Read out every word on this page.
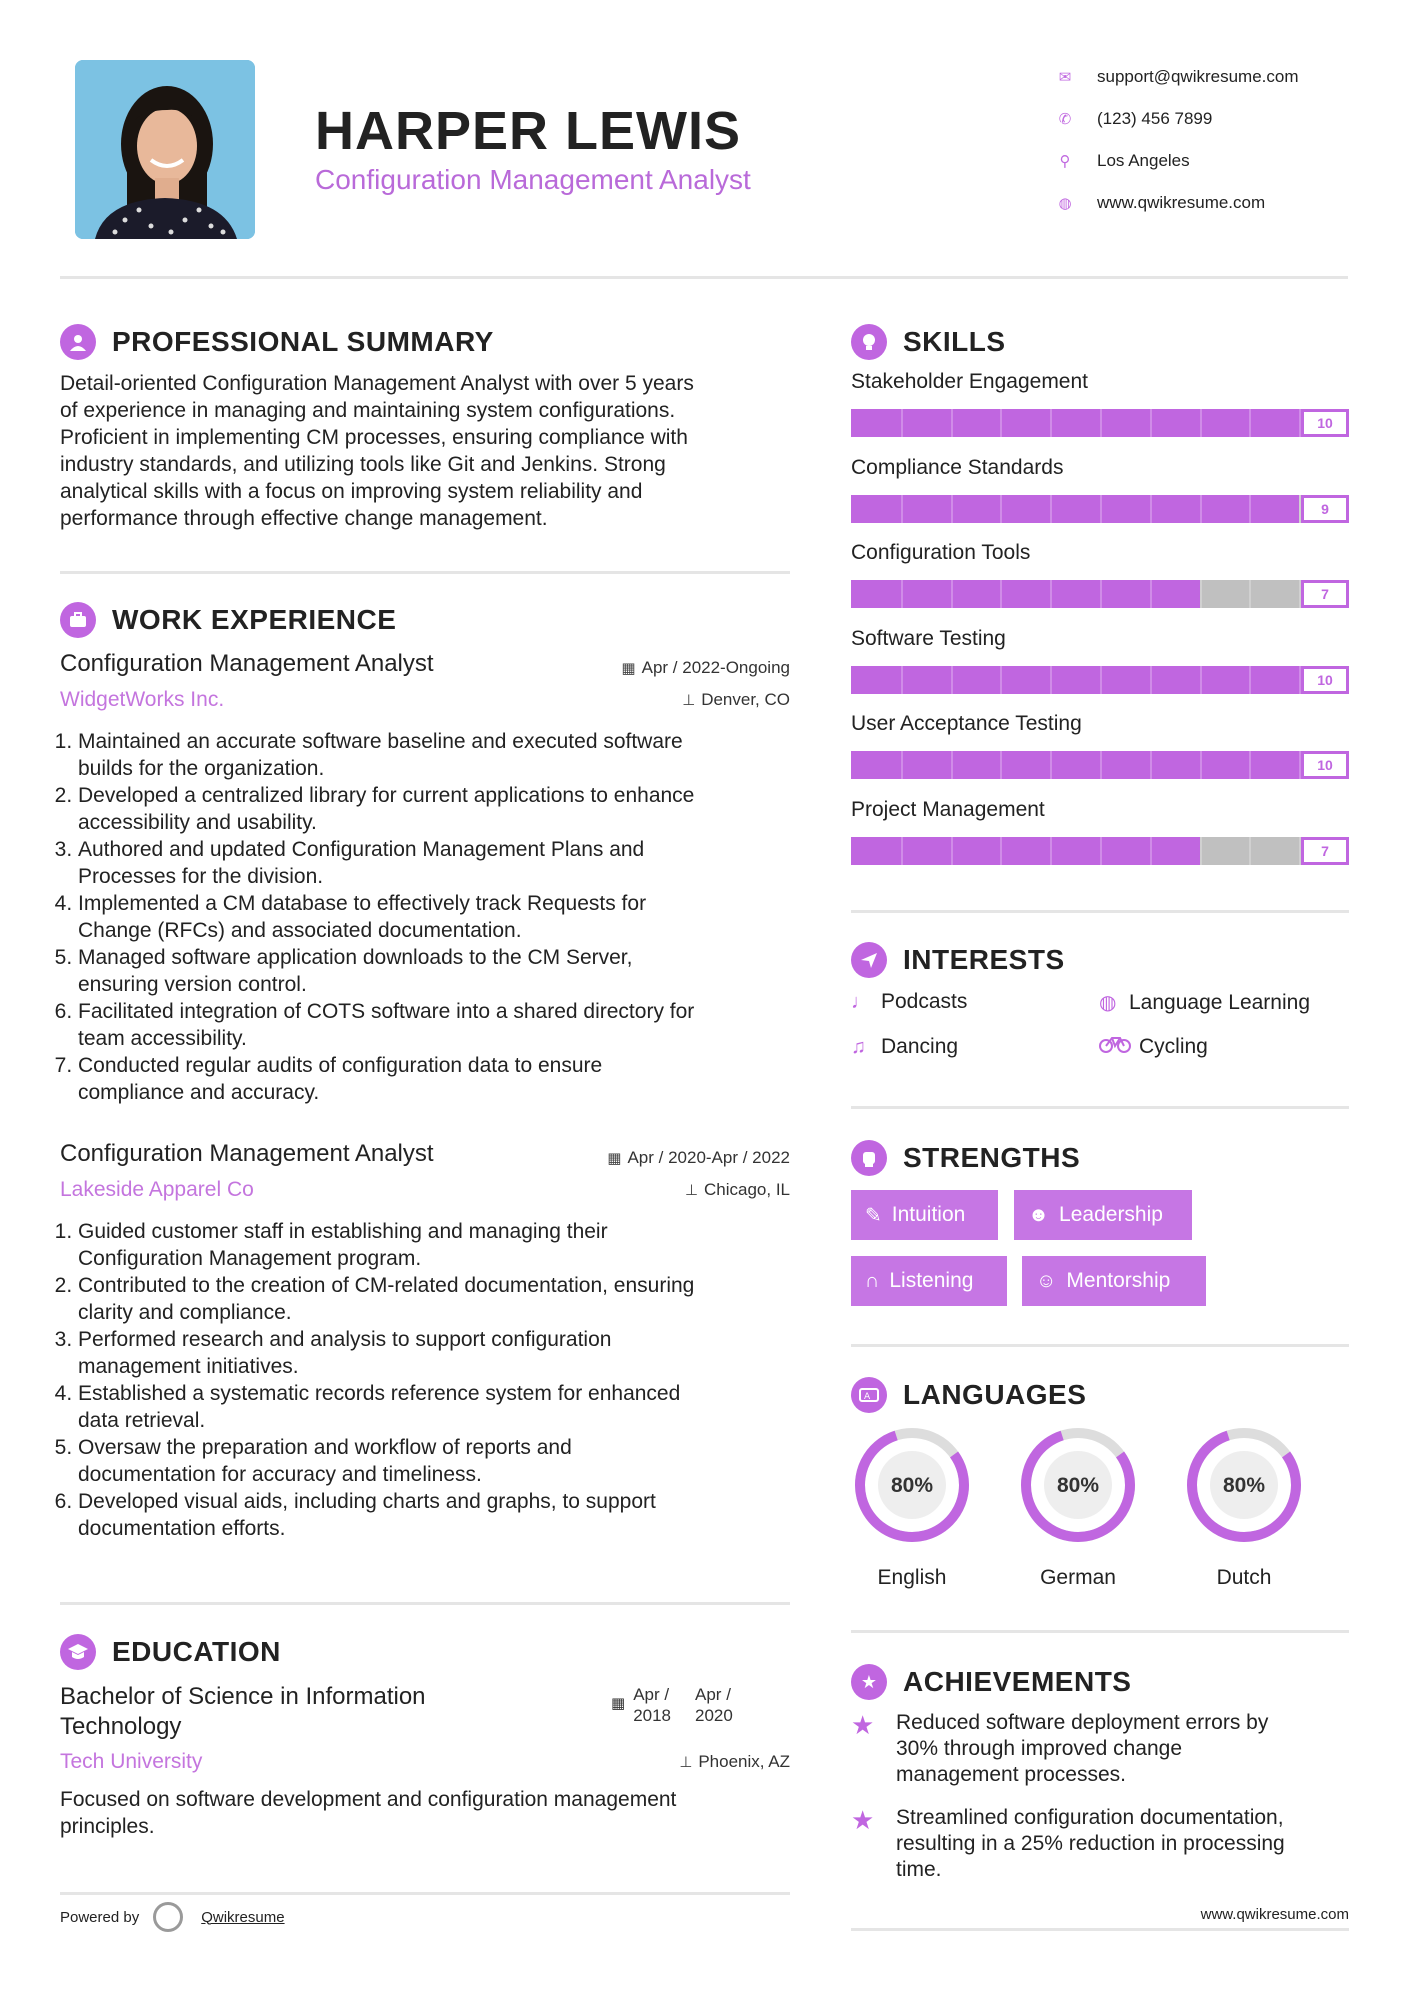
HARPER LEWIS
Configuration Management Analyst
✉	support@qwikresume.com
✆	(123) 456 7899
⚲	Los Angeles
◍	www.qwikresume.com
PROFESSIONAL SUMMARY
Detail-oriented Configuration Management Analyst with over 5 years
of experience in managing and maintaining system configurations.
Proficient in implementing CM processes, ensuring compliance with
industry standards, and utilizing tools like Git and Jenkins. Strong
analytical skills with a focus on improving system reliability and
performance through effective change management.
WORK EXPERIENCE
Configuration Management Analyst
WidgetWorks Inc.
▦ Apr / 2022-Ongoing
⊥ Denver, CO
1. Maintained an accurate software baseline and executed software
builds for the organization.
2. Developed a centralized library for current applications to enhance
accessibility and usability.
3. Authored and updated Configuration Management Plans and
Processes for the division.
4. Implemented a CM database to effectively track Requests for
Change (RFCs) and associated documentation.
5. Managed software application downloads to the CM Server,
ensuring version control.
6. Facilitated integration of COTS software into a shared directory for
team accessibility.
7. Conducted regular audits of configuration data to ensure
compliance and accuracy.
Configuration Management Analyst
Lakeside Apparel Co
▦ Apr / 2020-Apr / 2022
⊥ Chicago, IL
1. Guided customer staff in establishing and managing their
Configuration Management program.
2. Contributed to the creation of CM-related documentation, ensuring
clarity and compliance.
3. Performed research and analysis to support configuration
management initiatives.
4. Established a systematic records reference system for enhanced
data retrieval.
5. Oversaw the preparation and workflow of reports and
documentation for accuracy and timeliness.
6. Developed visual aids, including charts and graphs, to support
documentation efforts.
EDUCATION
Bachelor of Science in Information
Technology
Tech University
▦ Apr /
2018
Apr /
2020
⊥ Phoenix, AZ
Focused on software development and configuration management
principles.
Powered by	Qwikresume
SKILLS
Stakeholder Engagement
10
Compliance Standards
9
Configuration Tools
7
Software Testing
10
User Acceptance Testing
10
Project Management
7
INTERESTS
♩ Podcasts	◍ Language Learning
♫ Dancing	Cycling
STRENGTHS
✎ Intuition	☻ Leadership
∩ Listening	☺ Mentorship
A LANGUAGES
80%
English
80%
German
80%
Dutch
★ ACHIEVEMENTS
★ Reduced software deployment errors by
30% through improved change
management processes.
★ Streamlined configuration documentation,
resulting in a 25% reduction in processing
time.
www.qwikresume.com
